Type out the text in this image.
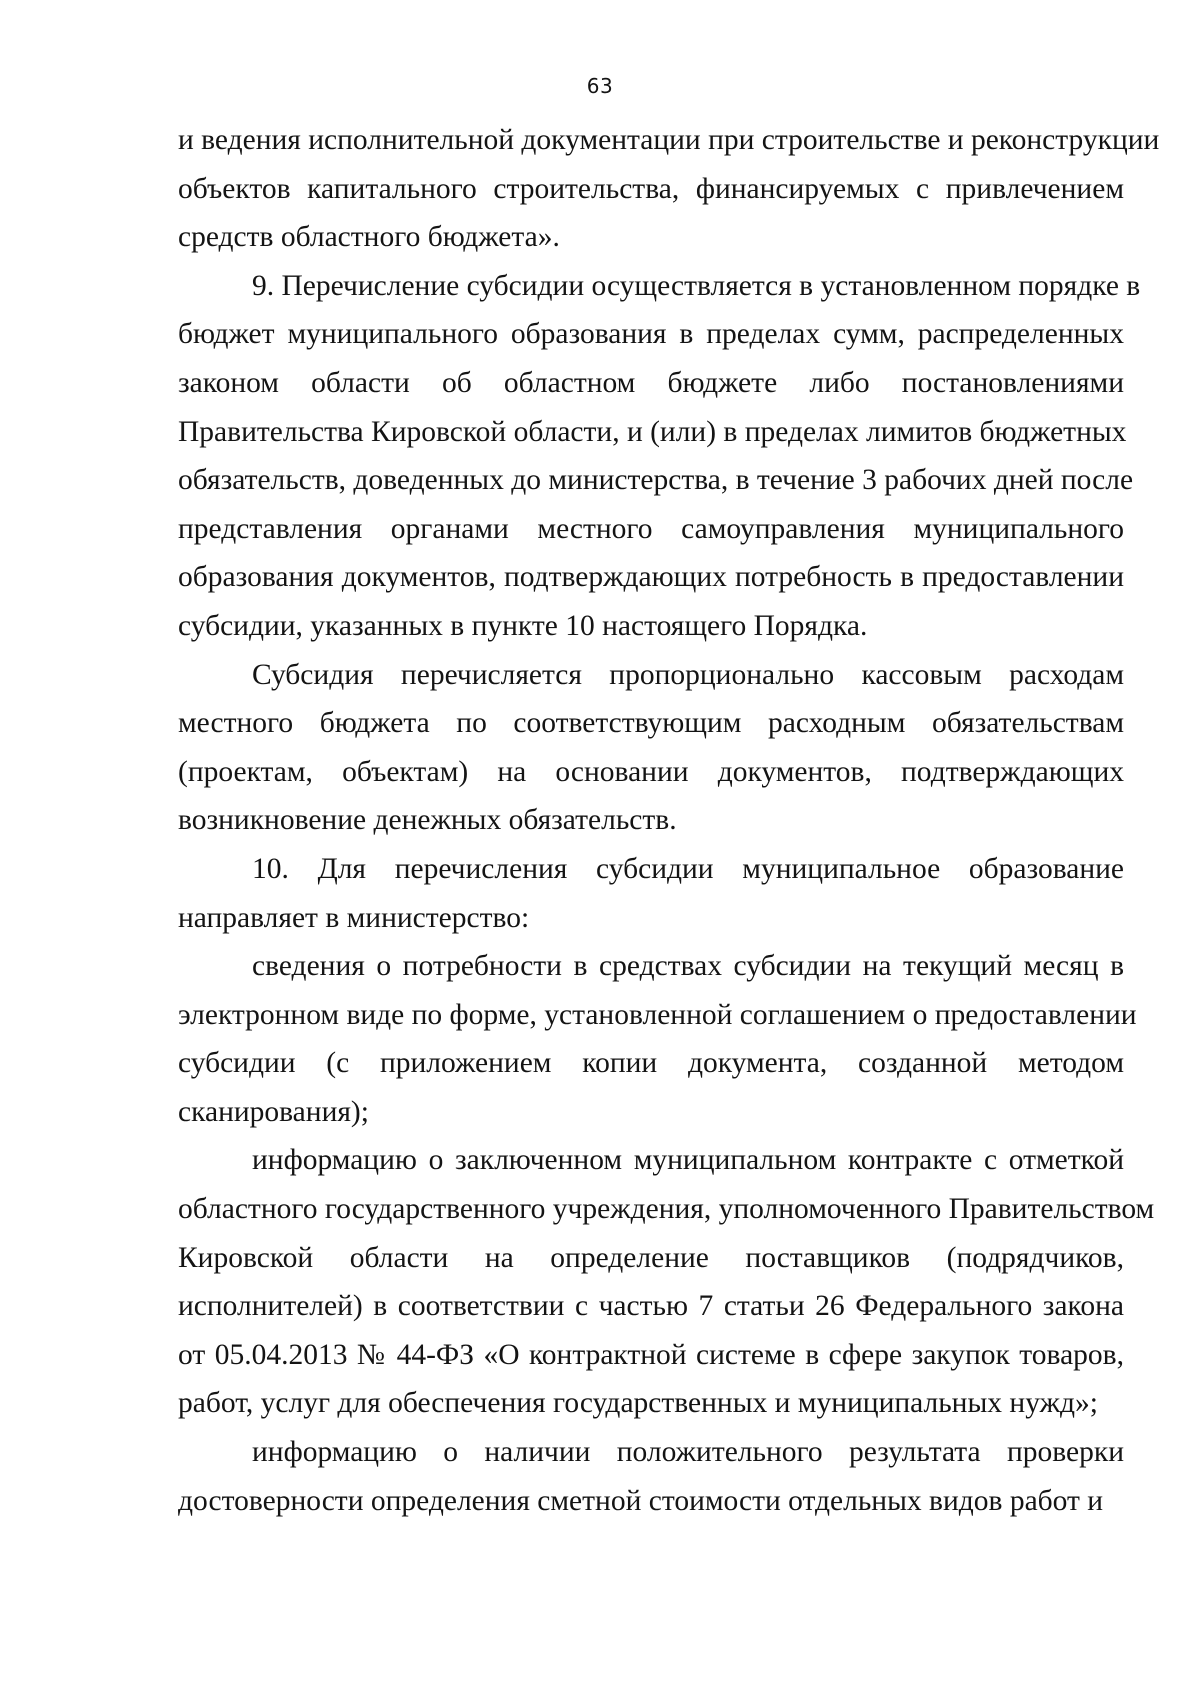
63
и ведения исполнительной документации при строительстве и реконструкции
объектов капитального строительства, финансируемых с привлечением
средств областного бюджета».
9. Перечисление субсидии осуществляется в установленном порядке в
бюджет муниципального образования в пределах сумм, распределенных
законом области об областном бюджете либо постановлениями
Правительства Кировской области, и (или) в пределах лимитов бюджетных
обязательств, доведенных до министерства, в течение 3 рабочих дней после
представления органами местного самоуправления муниципального
образования документов, подтверждающих потребность в предоставлении
субсидии, указанных в пункте 10 настоящего Порядка.
Субсидия перечисляется пропорционально кассовым расходам
местного бюджета по соответствующим расходным обязательствам
(проектам, объектам) на основании документов, подтверждающих
возникновение денежных обязательств.
10. Для перечисления субсидии муниципальное образование
направляет в министерство:
сведения о потребности в средствах субсидии на текущий месяц в
электронном виде по форме, установленной соглашением о предоставлении
субсидии (с приложением копии документа, созданной методом
сканирования);
информацию о заключенном муниципальном контракте с отметкой
областного государственного учреждения, уполномоченного Правительством
Кировской области на определение поставщиков (подрядчиков,
исполнителей) в соответствии с частью 7 статьи 26 Федерального закона
от 05.04.2013 № 44-ФЗ «О контрактной системе в сфере закупок товаров,
работ, услуг для обеспечения государственных и муниципальных нужд»;
информацию о наличии положительного результата проверки
достоверности определения сметной стоимости отдельных видов работ и
